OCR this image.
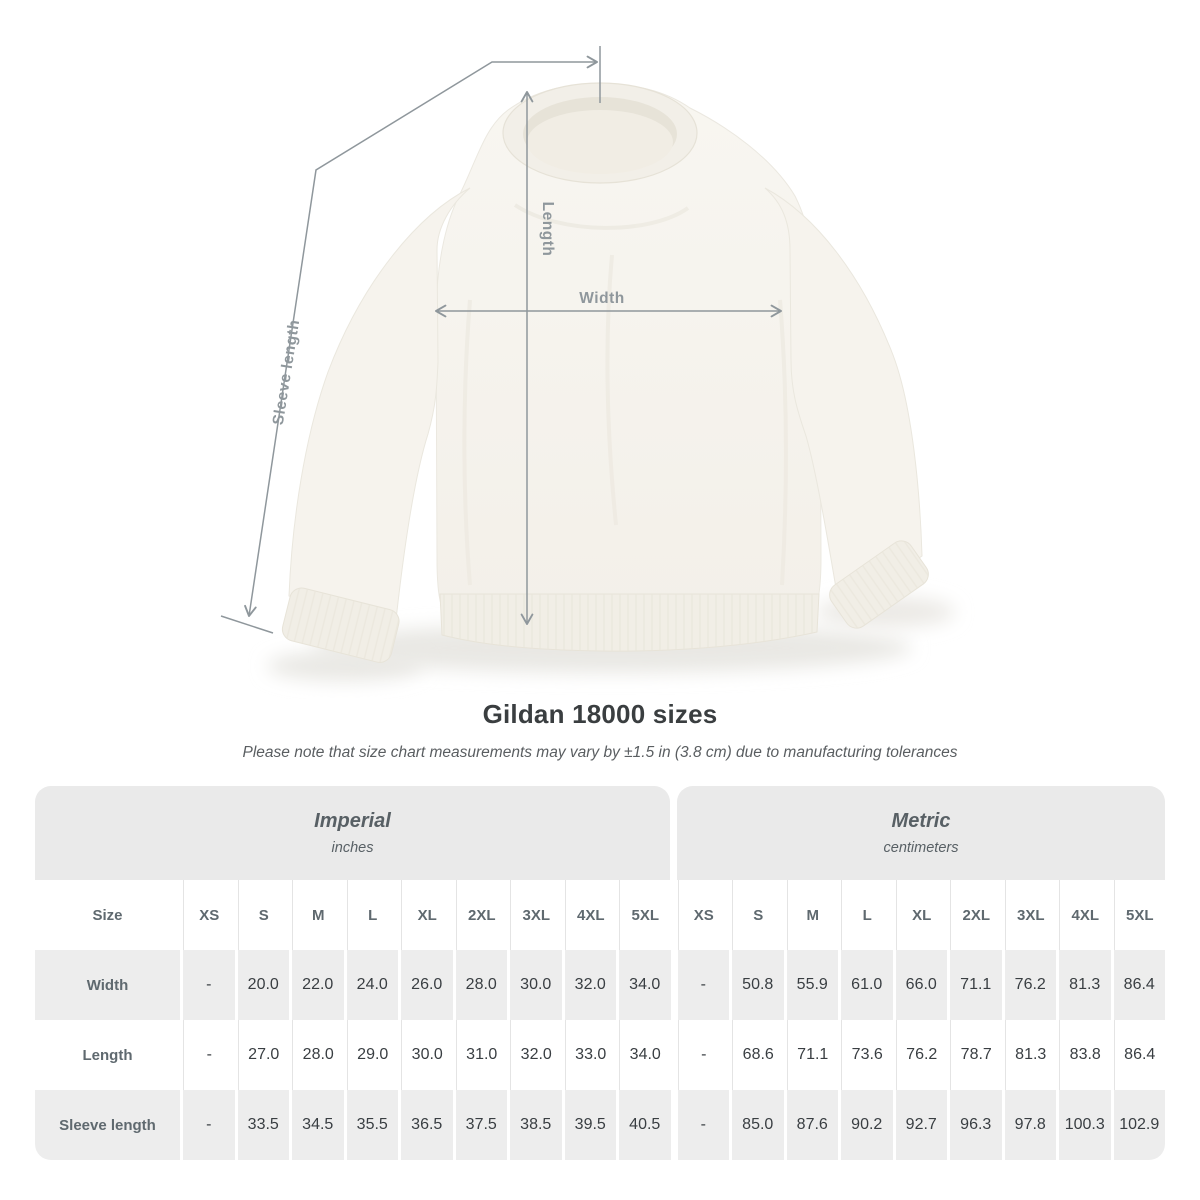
Width
Length
Sleeve length
Gildan 18000 sizes
Please note that size chart measurements may vary by ±1.5 in (3.8 cm) due to manufacturing tolerances
Imperial
inches
Metric
centimeters
Size	XS	S	M	L	XL	2XL	3XL	4XL	5XL	XS	S	M	L	XL	2XL	3XL	4XL	5XL
Width	-	20.0	22.0	24.0	26.0	28.0	30.0	32.0	34.0	-	50.8	55.9	61.0	66.0	71.1	76.2	81.3	86.4
Length	-	27.0	28.0	29.0	30.0	31.0	32.0	33.0	34.0	-	68.6	71.1	73.6	76.2	78.7	81.3	83.8	86.4
Sleeve length	-	33.5	34.5	35.5	36.5	37.5	38.5	39.5	40.5	-	85.0	87.6	90.2	92.7	96.3	97.8	100.3 102.9
